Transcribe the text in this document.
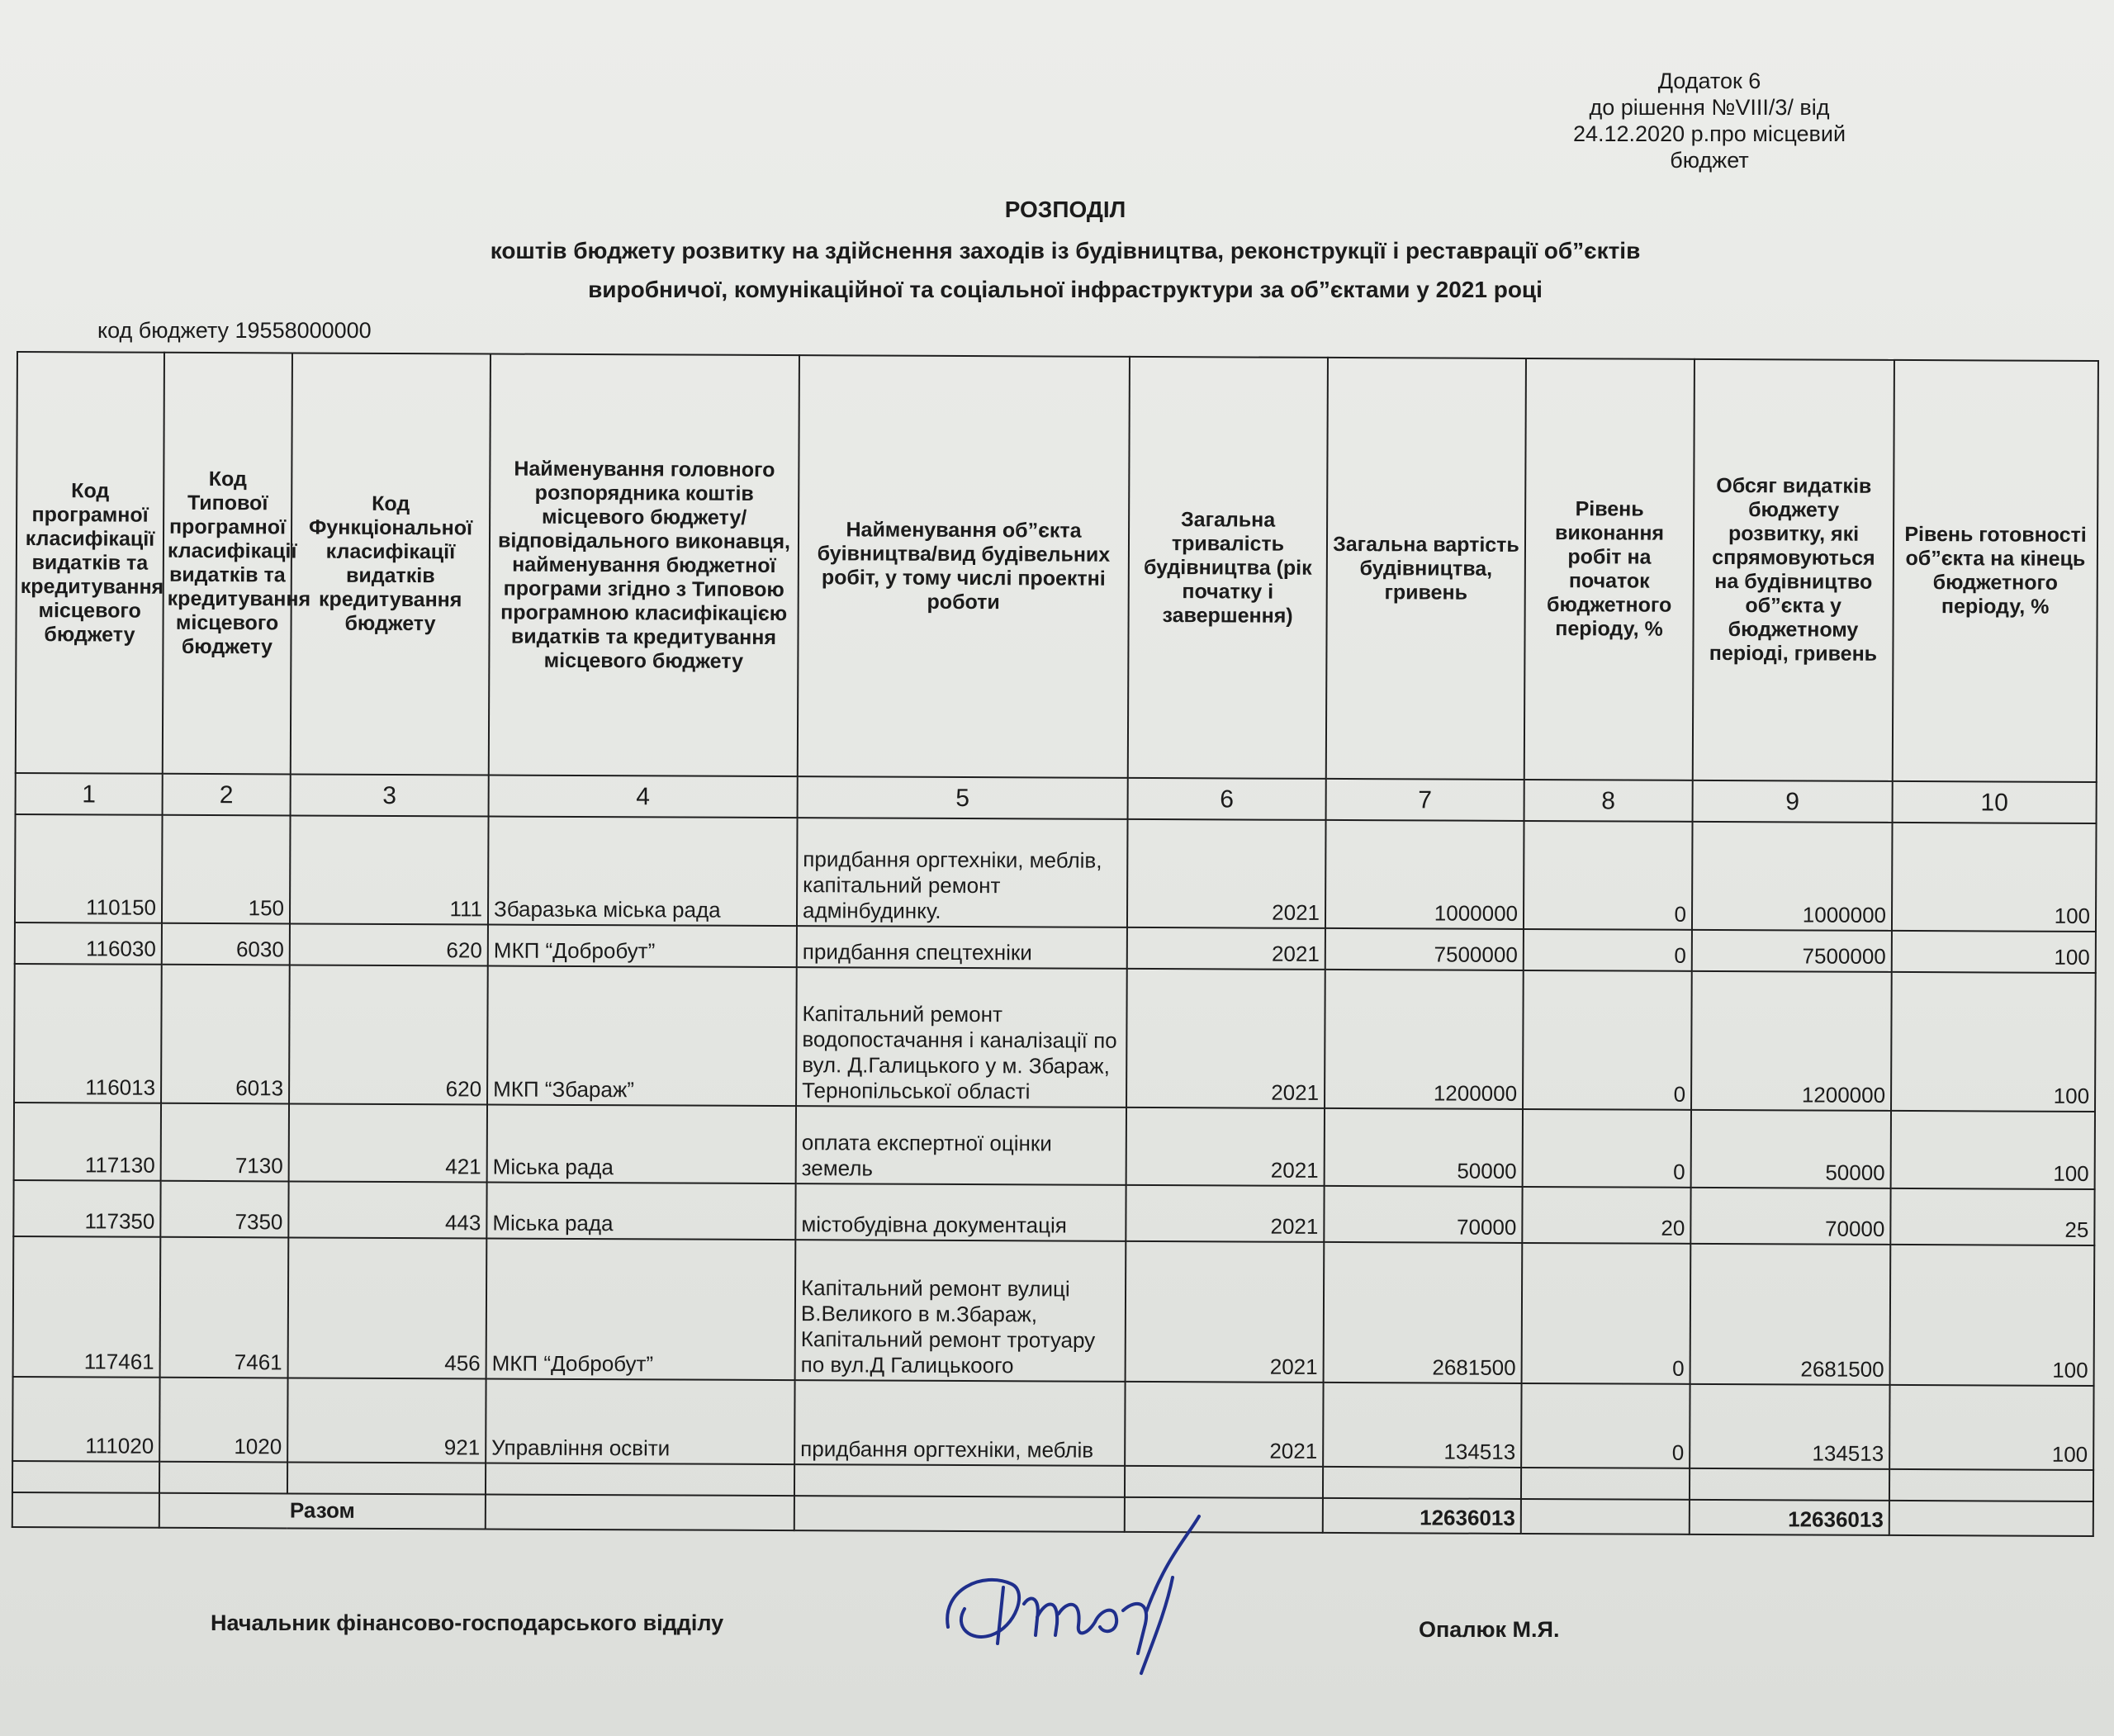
Додаток 6
до рішення №VIII/3/ від
24.12.2020 р.про місцевий
бюджет
РОЗПОДІЛ
коштів бюджету розвитку на здійснення заходів із будівництва, реконструкції і реставрації об”єктів
виробничої, комунікаційної та соціальної інфраструктури за об”єктами у 2021 році
код бюджету 19558000000
Код програмної класифікації видатків та кредитування місцевого бюджету	Код Типової програмної класифікації видатків та кредитування місцевого бюджету	Код Функціональної класифікації видатків кредитування бюджету	Найменування головного розпорядника коштів місцевого бюджету/відповідального виконавця, найменування бюджетної програми згідно з Типовою програмною класифікацією видатків та кредитування місцевого бюджету	Найменування об”єкта буівництва/вид будівельних робіт, у тому числі проектні роботи	Загальна тривалість будівництва (рік початку і завершення)	Загальна вартість будівництва, гривень	Рівень виконання робіт на початок бюджетного періоду, %	Обсяг видатків бюджету розвитку, які спрямовуються на будівництво об”єкта у бюджетному періоді, гривень	Рівень готовності об”єкта на кінець бюджетного періоду, %
1	2	3	4	5	6	7	8	9	10
110150	150	111	Збаразька міська рада	придбання оргтехніки, меблів, капітальний ремонт адмінбудинку.	2021	1000000	0	1000000	100
116030	6030	620	МКП “Добробут”	придбання спецтехніки	2021	7500000	0	7500000	100
116013	6013	620	МКП “Збараж”	Капітальний ремонт водопостачання і каналізації по вул. Д.Галицького у м. Збараж, Тернопільської області	2021	1200000	0	1200000	100
117130	7130	421	Міська рада	оплата експертної оцінки земель	2021	50000	0	50000	100
117350	7350	443	Міська рада	містобудівна документація	2021	70000	20	70000	25
117461	7461	456	МКП “Добробут”	Капітальний ремонт вулиці В.Великого в м.Збараж, Капітальний ремонт тротуару по вул.Д Галицькоого	2021	2681500	0	2681500	100
111020	1020	921	Управління освіти	придбання оргтехніки, меблів	2021	134513	0	134513	100

	Разом					12636013		12636013	
Начальник фінансово-господарського відділу	Опалюк М.Я.
